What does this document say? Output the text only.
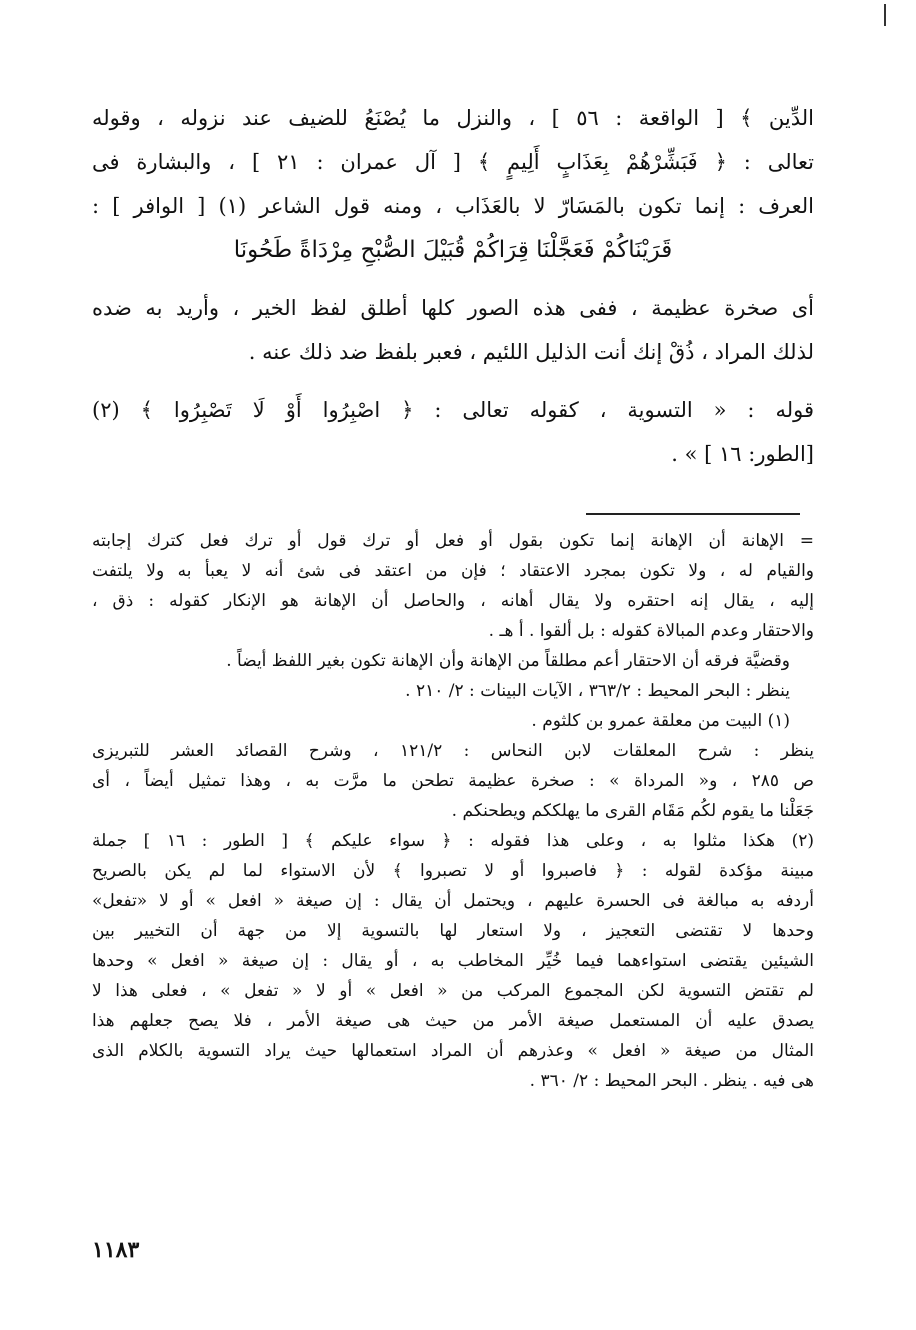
الدِّين ﴾ [ الواقعة : ٥٦ ] ، والنزل ما يُصْنَعُ للضيف عند نزوله ، وقوله
تعالى : ﴿ فَبَشِّرْهُمْ بِعَذَابٍ أَلِيمٍ ﴾ [ آل عمران : ٢١ ] ، والبشارة فى
العرف : إنما تكون بالمَسَارّ لا بالعَذَاب ، ومنه قول الشاعر (١) [ الوافر ] :
قَرَيْنَاكُمْ فَعَجَّلْنَا قِرَاكُمْ قُبَيْلَ الصُّبْحِ مِرْدَاةً طَحُونَا
أى صخرة عظيمة ، ففى هذه الصور كلها أطلق لفظ الخير ، وأريد به ضده
لذلك المراد ، ذُقْ إنك أنت الذليل اللئيم ، فعبر بلفظ ضد ذلك عنه .
قوله : « التسوية ، كقوله تعالى : ﴿ اصْبِرُوا أَوْ لَا تَصْبِرُوا ﴾ (٢)
[الطور: ١٦ ] » .
= الإهانة أن الإهانة إنما تكون بقول أو فعل أو ترك قول أو ترك فعل كترك إجابته
والقيام له ، ولا تكون بمجرد الاعتقاد ؛ فإن من اعتقد فى شئ أنه لا يعبأ به ولا يلتفت
إليه ، يقال إنه احتقره ولا يقال أهانه ، والحاصل أن الإهانة هو الإنكار كقوله : ذق ،
والاحتقار وعدم المبالاة كقوله : بل ألقوا . أ هـ .
وقضيَّة فرقه أن الاحتقار أعم مطلقاً من الإهانة وأن الإهانة تكون بغير اللفظ أيضاً .
ينظر : البحر المحيط : ٣٦٣/٢ ، الآيات البينات : ٢/ ٢١٠ .
(١) البيت من معلقة عمرو بن كلثوم .
ينظر : شرح المعلقات لابن النحاس : ١٢١/٢ ، وشرح القصائد العشر للتبريزى
ص ٢٨٥ ، و« المرداة » : صخرة عظيمة تطحن ما مرَّت به ، وهذا تمثيل أيضاً ، أى
جَعَلْنا ما يقوم لكُم مَقَام القرى ما يهلككم ويطحنكم .
(٢) هكذا مثلوا به ، وعلى هذا فقوله : ﴿ سواء عليكم ﴾ [ الطور : ١٦ ] جملة
مبينة مؤكدة لقوله : ﴿ فاصبروا أو لا تصبروا ﴾ لأن الاستواء لما لم يكن بالصريح
أردفه به مبالغة فى الحسرة عليهم ، ويحتمل أن يقال : إن صيغة « افعل » أو لا «تفعل»
وحدها لا تقتضى التعجيز ، ولا استعار لها بالتسوية إلا من جهة أن التخيير بين
الشيئين يقتضى استواءهما فيما خُيِّر المخاطب به ، أو يقال : إن صيغة « افعل » وحدها
لم تقتض التسوية لكن المجموع المركب من « افعل » أو لا « تفعل » ، فعلى هذا لا
يصدق عليه أن المستعمل صيغة الأمر من حيث هى صيغة الأمر ، فلا يصح جعلهم هذا
المثال من صيغة « افعل » وعذرهم أن المراد استعمالها حيث يراد التسوية بالكلام الذى
هى فيه . ينظر . البحر المحيط : ٢/ ٣٦٠ .
١١٨٣
